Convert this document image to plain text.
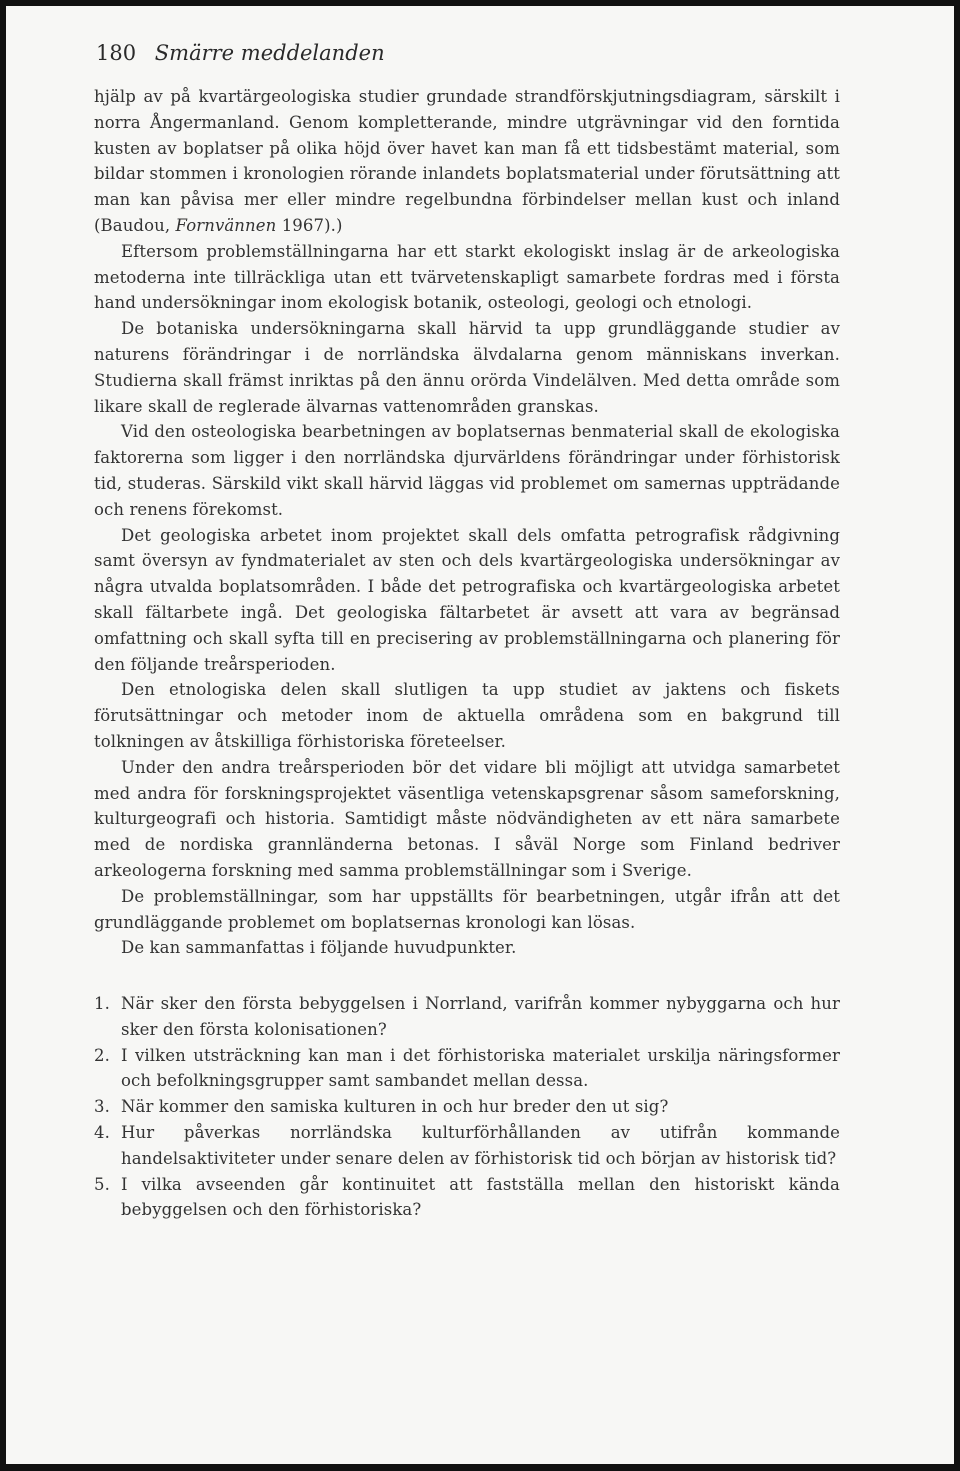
180 Smärre meddelanden

hjälp av på kvartärgeologiska studier grundade strandförskjutningsdiagram, särskilt i norra Ångermanland. Genom kompletterande, mindre utgrävningar vid den forntida kusten av boplatser på olika höjd över havet kan man få ett tidsbestämt material, som bildar stommen i kronologien rörande inlandets boplatsmaterial under förutsättning att man kan påvisa mer eller mindre regelbundna förbindelser mellan kust och inland (Baudou, Fornvännen 1967).)

Eftersom problemställningarna har ett starkt ekologiskt inslag är de arkeologiska metoderna inte tillräckliga utan ett tvärvetenskapligt samarbete fordras med i första hand undersökningar inom ekologisk botanik, osteologi, geologi och etnologi.

De botaniska undersökningarna skall härvid ta upp grundläggande studier av naturens förändringar i de norrländska älvdalarna genom människans inverkan. Studierna skall främst inriktas på den ännu orörda Vindelälven. Med detta område som likare skall de reglerade älvarnas vattenområden granskas.

Vid den osteologiska bearbetningen av boplatsernas benmaterial skall de ekologiska faktorerna som ligger i den norrländska djurvärldens förändringar under förhistorisk tid, studeras. Särskild vikt skall härvid läggas vid problemet om samernas uppträdande och renens förekomst.

Det geologiska arbetet inom projektet skall dels omfatta petrografisk rådgivning samt översyn av fyndmaterialet av sten och dels kvartärgeologiska undersökningar av några utvalda boplatsområden. I både det petrografiska och kvartärgeologiska arbetet skall fältarbete ingå. Det geologiska fältarbetet är avsett att vara av begränsad omfattning och skall syfta till en precisering av problemställningarna och planering för den följande treårsperioden.

Den etnologiska delen skall slutligen ta upp studiet av jaktens och fiskets förutsättningar och metoder inom de aktuella områdena som en bakgrund till tolkningen av åtskilliga förhistoriska företeelser.

Under den andra treårsperioden bör det vidare bli möjligt att utvidga samarbetet med andra för forskningsprojektet väsentliga vetenskapsgrenar såsom sameforskning, kulturgeografi och historia. Samtidigt måste nödvändigheten av ett nära samarbete med de nordiska grannländerna betonas. I såväl Norge som Finland bedriver arkeologerna forskning med samma problemställningar som i Sverige.

De problemställningar, som har uppställts för bearbetningen, utgår ifrån att det grundläggande problemet om boplatsernas kronologi kan lösas.

De kan sammanfattas i följande huvudpunkter.

1. När sker den första bebyggelsen i Norrland, varifrån kommer nybyggarna och hur sker den första kolonisationen?
2. I vilken utsträckning kan man i det förhistoriska materialet urskilja näringsformer och befolkningsgrupper samt sambandet mellan dessa.
3. När kommer den samiska kulturen in och hur breder den ut sig?
4. Hur påverkas norrländska kulturförhållanden av utifrån kommande handelsaktiviteter under senare delen av förhistorisk tid och början av historisk tid?
5. I vilka avseenden går kontinuitet att fastställa mellan den historiskt kända bebyggelsen och den förhistoriska?
